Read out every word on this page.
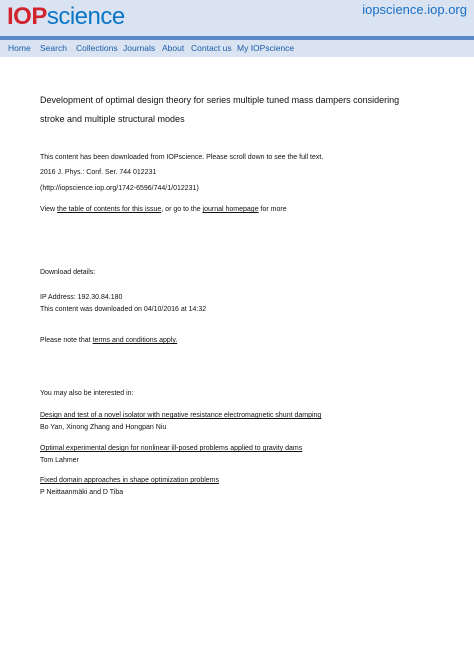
IOPscience	iopscience.iop.org
Home Search Collections Journals About Contact us My IOPscience
Development of optimal design theory for series multiple tuned mass dampers considering
stroke and multiple structural modes
This content has been downloaded from IOPscience. Please scroll down to see the full text.
2016 J. Phys.: Conf. Ser. 744 012231
(http://iopscience.iop.org/1742-6596/744/1/012231)
View the table of contents for this issue, or go to the journal homepage for more
Download details:
IP Address: 192.30.84.180
This content was downloaded on 04/10/2016 at 14:32
Please note that terms and conditions apply.
You may also be interested in:
Design and test of a novel isolator with negative resistance electromagnetic shunt damping
Bo Yan, Xinong Zhang and Hongpan Niu
Optimal experimental design for nonlinear ill-posed problems applied to gravity dams
Tom Lahmer
Fixed domain approaches in shape optimization problems
P Neittaanmäki and D Tiba
